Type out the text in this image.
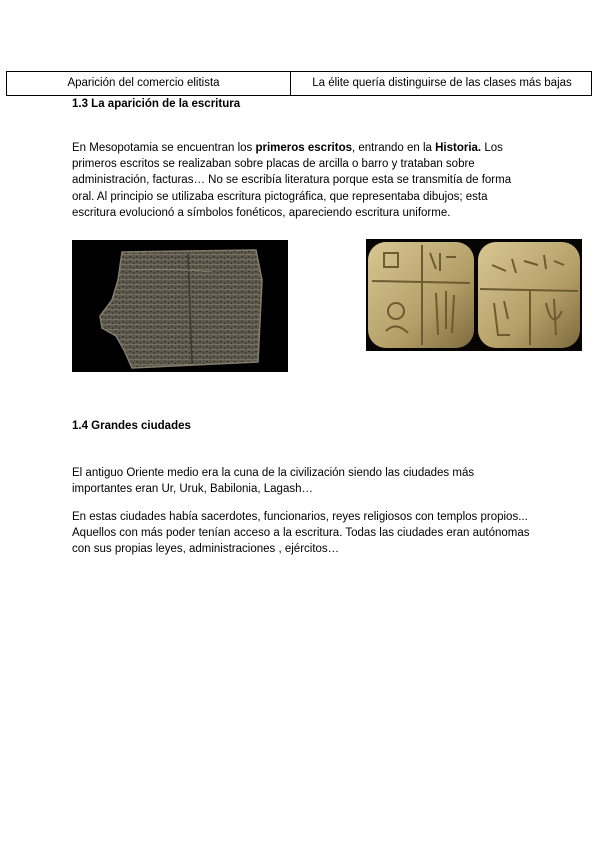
Aparición del comercio elitista	La élite quería distinguirse de las clases más bajas
1.3 La aparición de la escritura

En Mesopotamia se encuentran los primeros escritos, entrando en la Historia. Los primeros escritos se realizaban sobre placas de arcilla o barro y trataban sobre administración, facturas… No se escribía literatura porque esta se transmitía de forma oral. Al principio se utilizaba escritura pictográfica, que representaba dibujos; esta escritura evolucionó a símbolos fonéticos, apareciendo escritura uniforme.

1.4 Grandes ciudades

El antiguo Oriente medio era la cuna de la civilización siendo las ciudades más importantes eran Ur, Uruk, Babilonia, Lagash…

En estas ciudades había sacerdotes, funcionarios, reyes religiosos con templos propios... Aquellos con más poder tenían acceso a la escritura. Todas las ciudades eran autónomas con sus propias leyes, administraciones , ejércitos…
